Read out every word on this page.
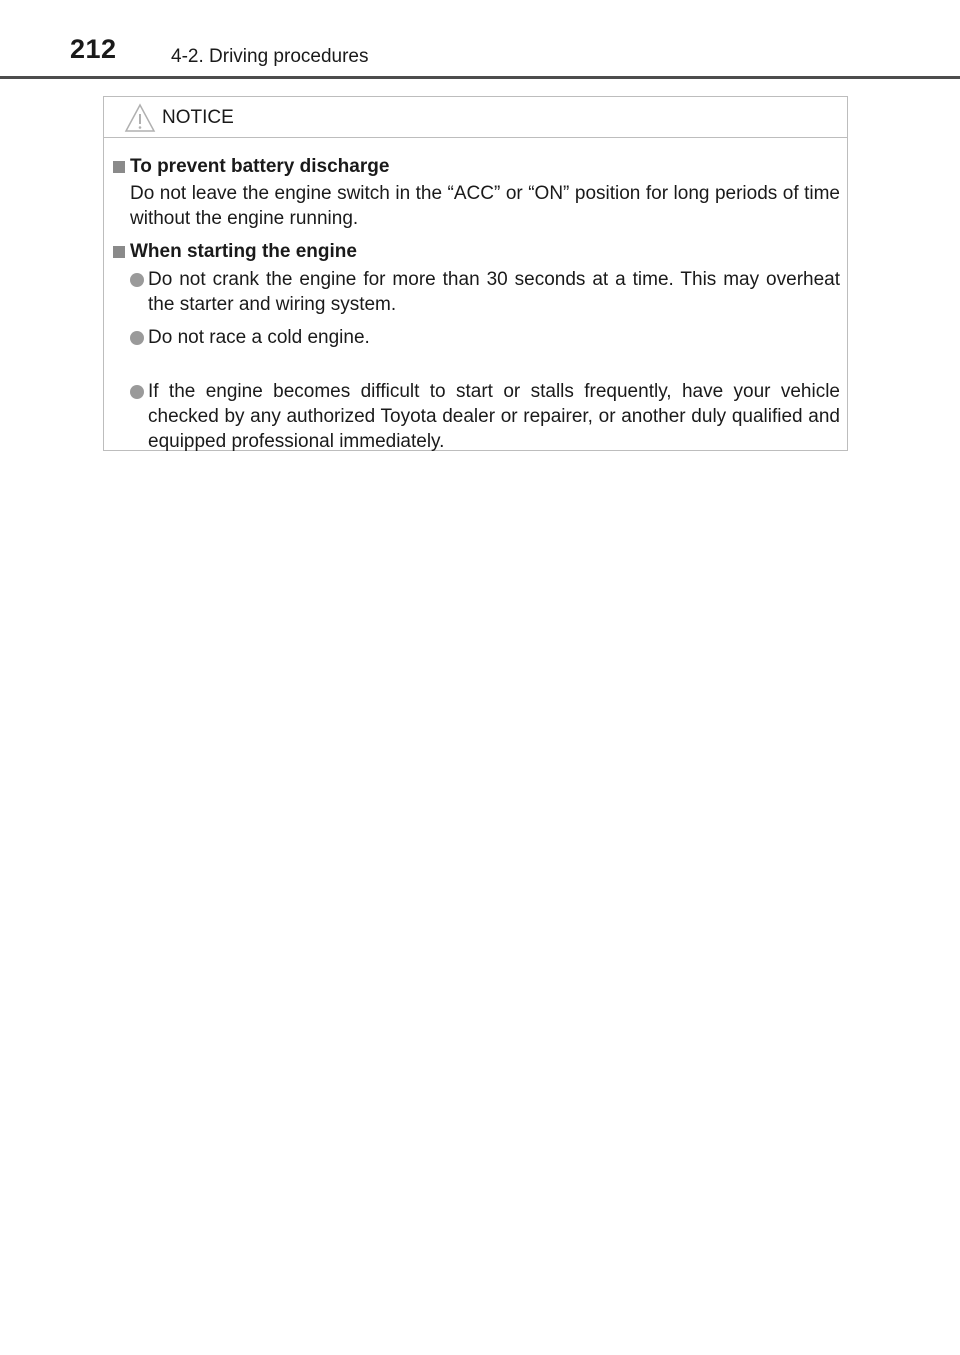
212	4-2. Driving procedures
NOTICE
To prevent battery discharge
Do not leave the engine switch in the “ACC” or “ON” position for long periods of time without the engine running.
When starting the engine
Do not crank the engine for more than 30 seconds at a time. This may overheat the starter and wiring system.
Do not race a cold engine.
If the engine becomes difficult to start or stalls frequently, have your vehicle checked by any authorized Toyota dealer or repairer, or another duly qualified and equipped professional immediately.
